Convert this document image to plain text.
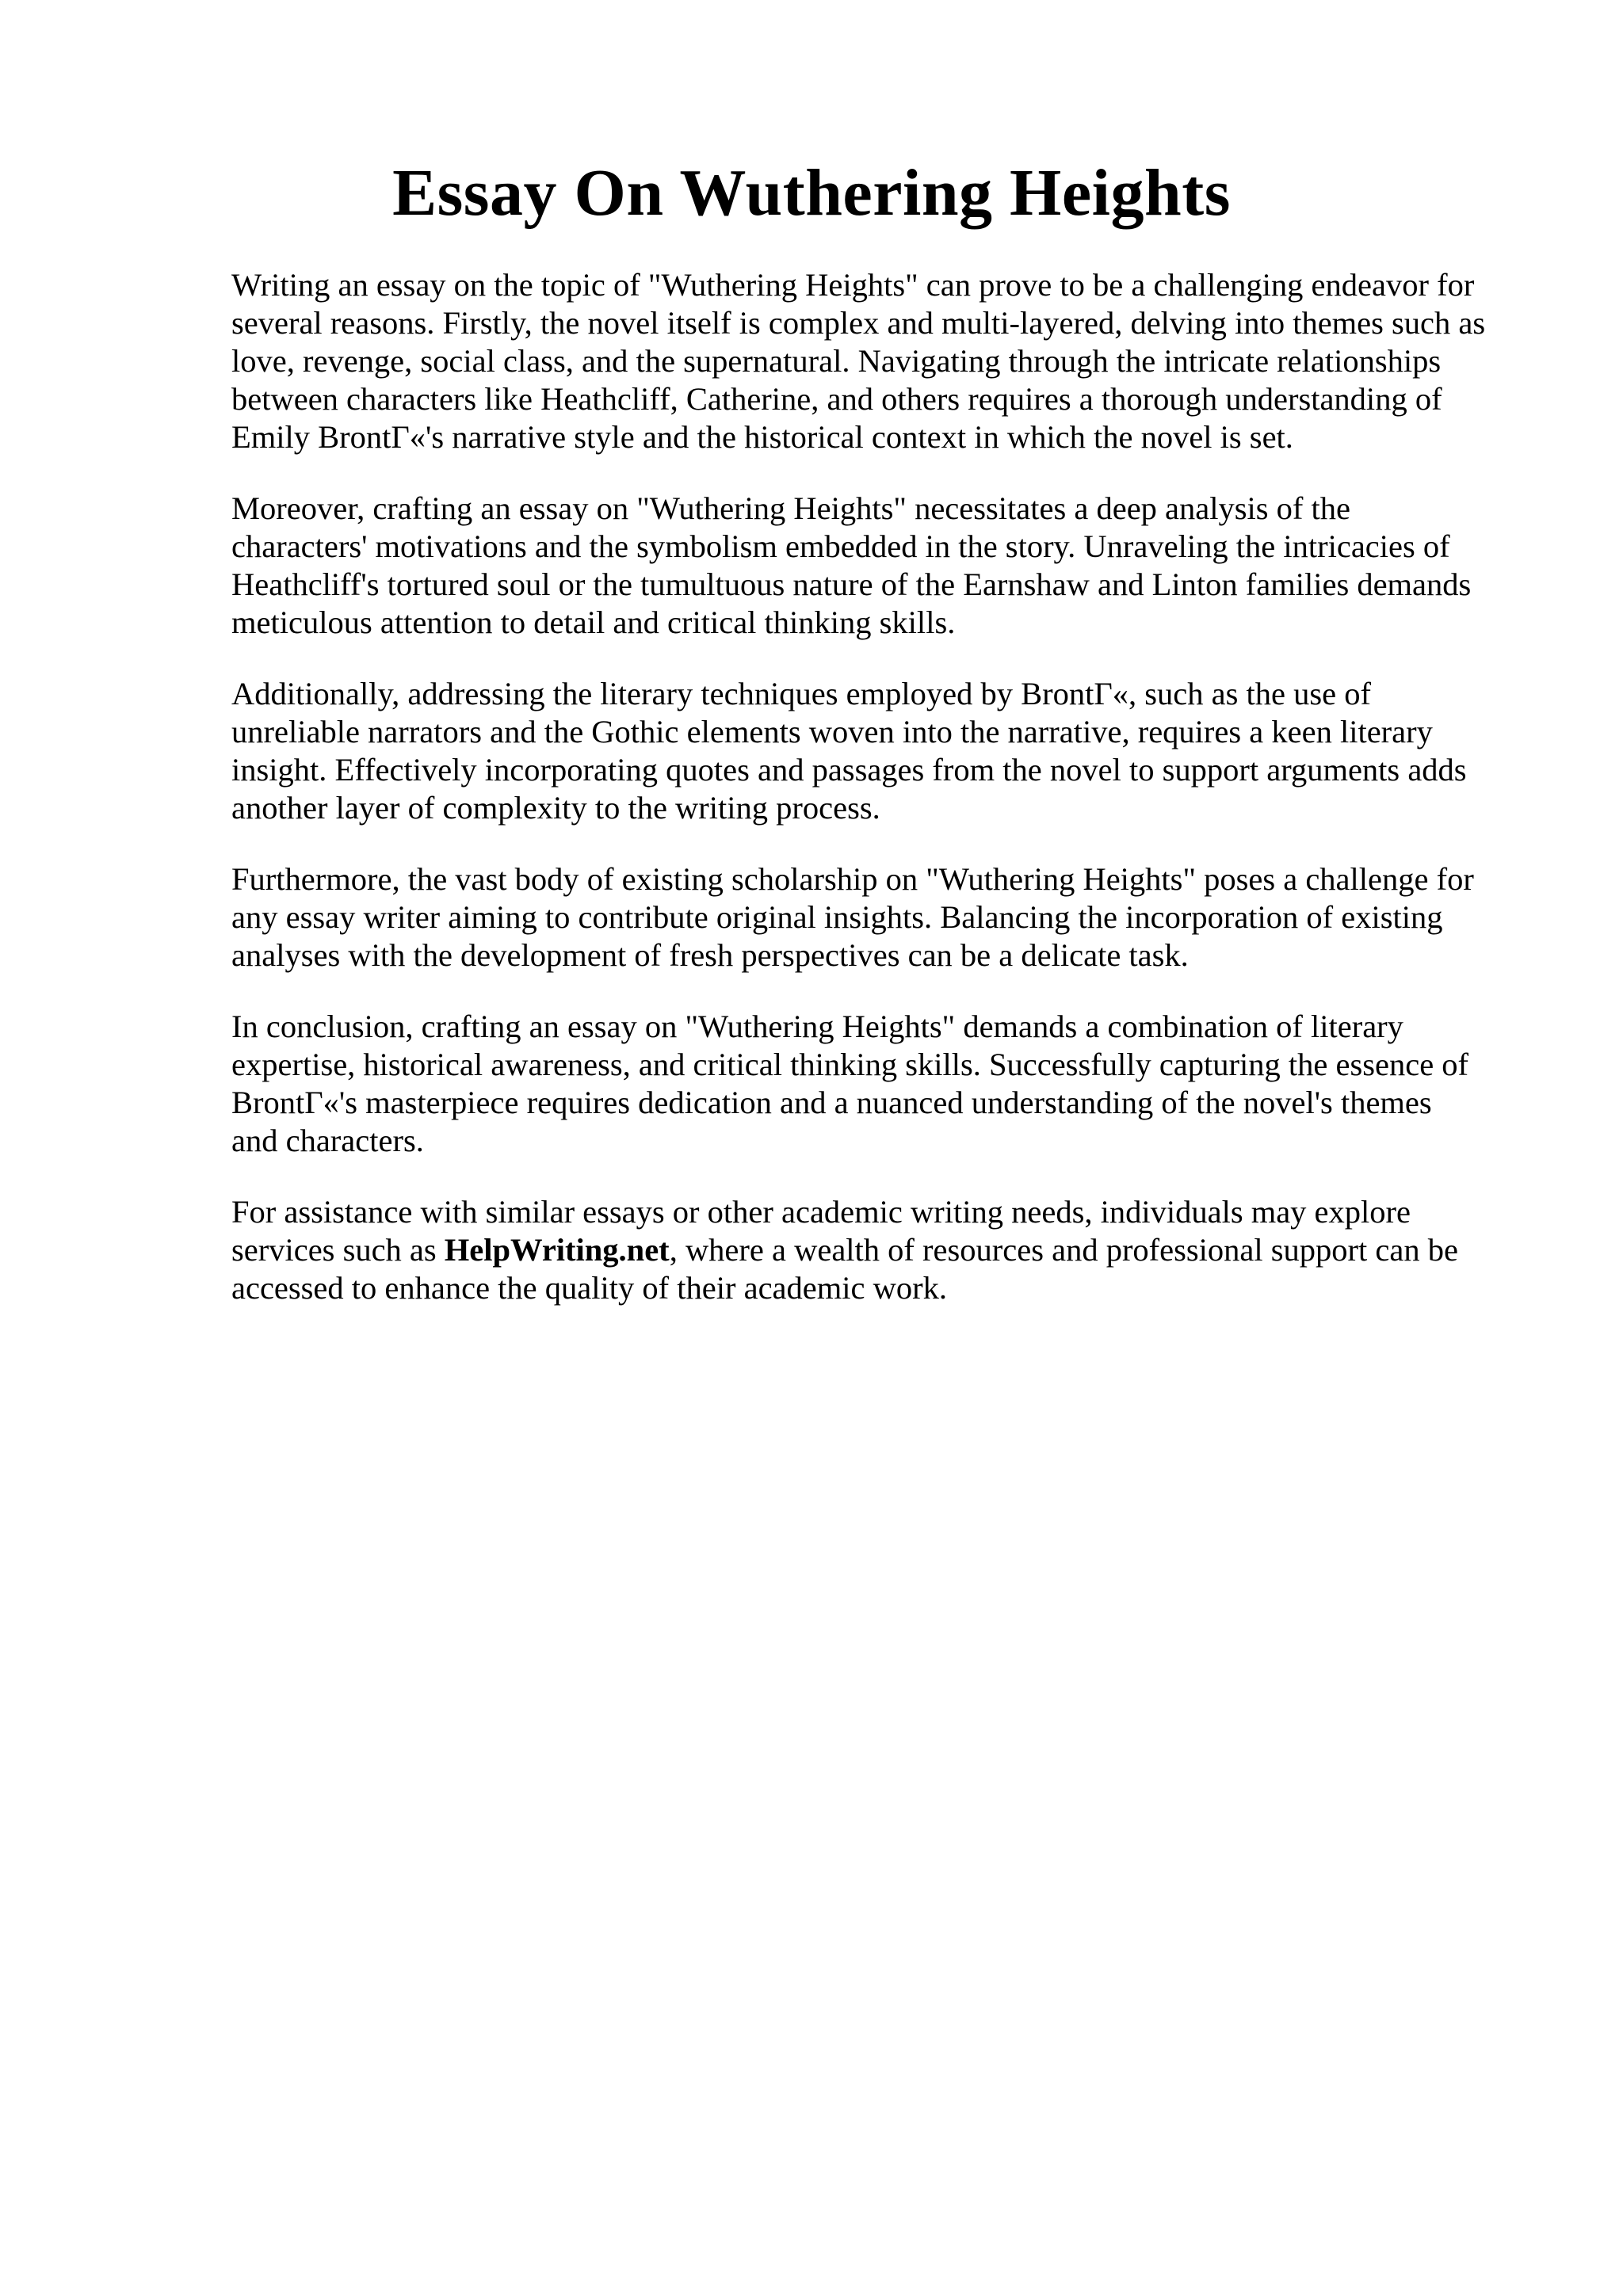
Essay On Wuthering Heights

Writing an essay on the topic of "Wuthering Heights" can prove to be a challenging endeavor for
several reasons. Firstly, the novel itself is complex and multi-layered, delving into themes such as
love, revenge, social class, and the supernatural. Navigating through the intricate relationships
between characters like Heathcliff, Catherine, and others requires a thorough understanding of
Emily BrontΓ«'s narrative style and the historical context in which the novel is set.

Moreover, crafting an essay on "Wuthering Heights" necessitates a deep analysis of the
characters' motivations and the symbolism embedded in the story. Unraveling the intricacies of
Heathcliff's tortured soul or the tumultuous nature of the Earnshaw and Linton families demands
meticulous attention to detail and critical thinking skills.

Additionally, addressing the literary techniques employed by BrontΓ«, such as the use of
unreliable narrators and the Gothic elements woven into the narrative, requires a keen literary
insight. Effectively incorporating quotes and passages from the novel to support arguments adds
another layer of complexity to the writing process.

Furthermore, the vast body of existing scholarship on "Wuthering Heights" poses a challenge for
any essay writer aiming to contribute original insights. Balancing the incorporation of existing
analyses with the development of fresh perspectives can be a delicate task.

In conclusion, crafting an essay on "Wuthering Heights" demands a combination of literary
expertise, historical awareness, and critical thinking skills. Successfully capturing the essence of
BrontΓ«'s masterpiece requires dedication and a nuanced understanding of the novel's themes
and characters.

For assistance with similar essays or other academic writing needs, individuals may explore
services such as HelpWriting.net, where a wealth of resources and professional support can be
accessed to enhance the quality of their academic work.
